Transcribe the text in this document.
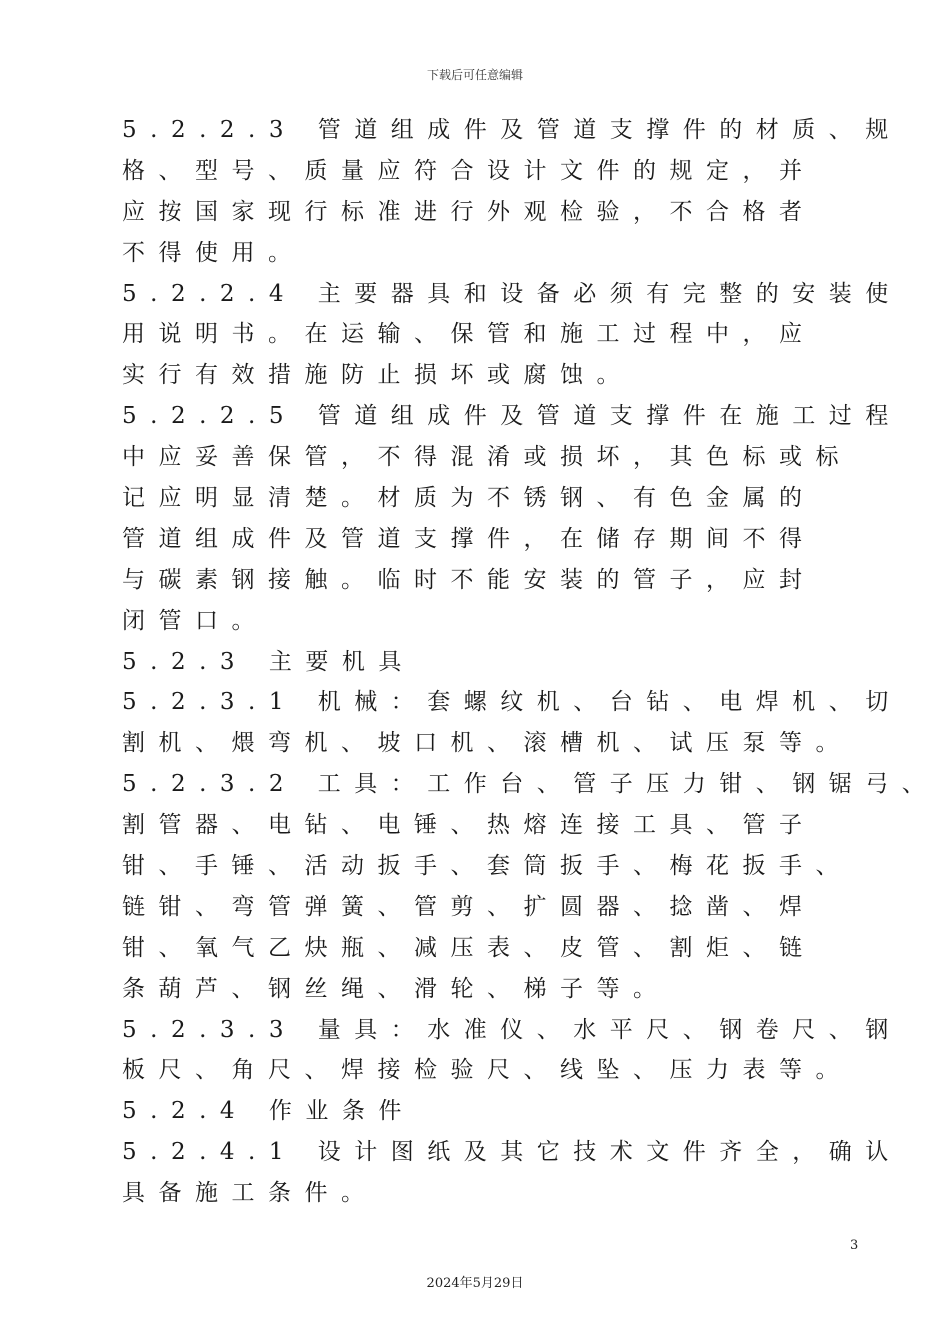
下载后可任意编辑
5.2.2.3 管道组成件及管道支撑件的材质、规
格、型号、质量应符合设计文件的规定，并
应按国家现行标准进行外观检验，不合格者
不得使用。
5.2.2.4 主要器具和设备必须有完整的安装使
用说明书。在运输、保管和施工过程中，应
实行有效措施防止损坏或腐蚀。
5.2.2.5 管道组成件及管道支撑件在施工过程
中应妥善保管，不得混淆或损坏，其色标或标
记应明显清楚。材质为不锈钢、有色金属的
管道组成件及管道支撑件，在储存期间不得
与碳素钢接触。临时不能安装的管子，应封
闭管口。
5.2.3 主要机具
5.2.3.1 机械：套螺纹机、台钻、电焊机、切
割机、煨弯机、坡口机、滚槽机、试压泵等。
5.2.3.2 工具：工作台、管子压力钳、钢锯弓、
割管器、电钻、电锤、热熔连接工具、管子
钳、手锤、活动扳手、套筒扳手、梅花扳手、
链钳、弯管弹簧、管剪、扩圆器、捻凿、焊
钳、氧气乙炔瓶、减压表、皮管、割炬、链
条葫芦、钢丝绳、滑轮、梯子等。
5.2.3.3 量具：水准仪、水平尺、钢卷尺、钢
板尺、角尺、焊接检验尺、线坠、压力表等。
5.2.4 作业条件
5.2.4.1 设计图纸及其它技术文件齐全，确认
具备施工条件。
3
2024年5月29日
